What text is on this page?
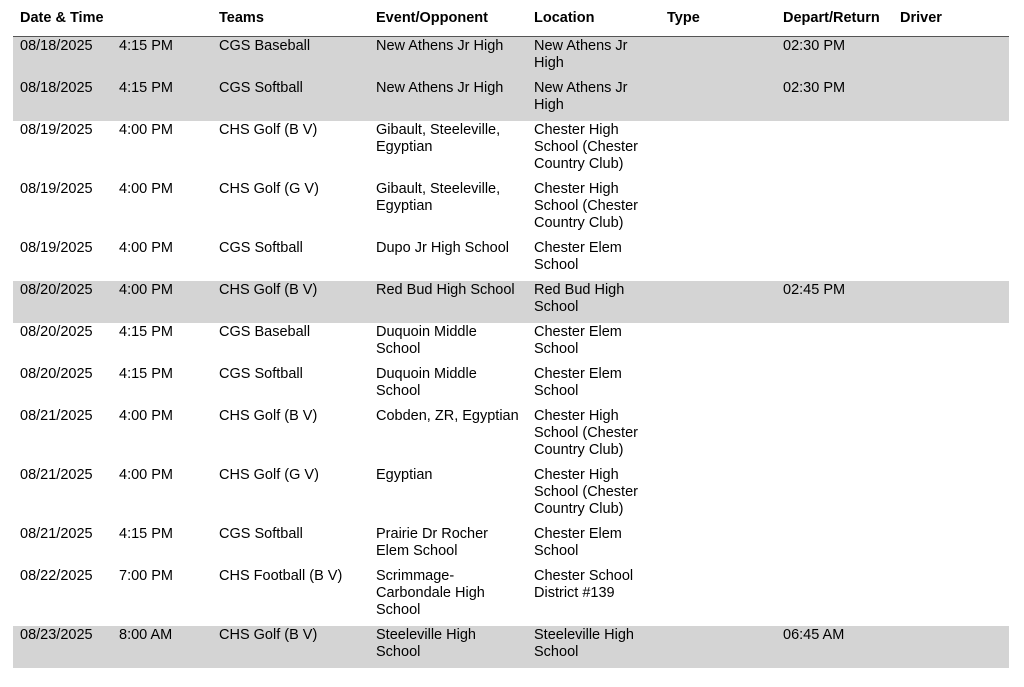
Date & Time		Teams	Event/Opponent	Location	Type	Depart/Return	Driver
08/18/2025	4:15 PM	CGS Baseball	New Athens Jr High	New Athens Jr High		02:30 PM	
08/18/2025	4:15 PM	CGS Softball	New Athens Jr High	New Athens Jr High		02:30 PM	
08/19/2025	4:00 PM	CHS Golf (B V)	Gibault, Steeleville, Egyptian	Chester High School (Chester Country Club)			
08/19/2025	4:00 PM	CHS Golf (G V)	Gibault, Steeleville, Egyptian	Chester High School (Chester Country Club)			
08/19/2025	4:00 PM	CGS Softball	Dupo Jr High School	Chester Elem School			
08/20/2025	4:00 PM	CHS Golf (B V)	Red Bud High School	Red Bud High School		02:45 PM	
08/20/2025	4:15 PM	CGS Baseball	Duquoin Middle School	Chester Elem School			
08/20/2025	4:15 PM	CGS Softball	Duquoin Middle School	Chester Elem School			
08/21/2025	4:00 PM	CHS Golf (B V)	Cobden, ZR, Egyptian	Chester High School (Chester Country Club)			
08/21/2025	4:00 PM	CHS Golf (G V)	Egyptian	Chester High School (Chester Country Club)			
08/21/2025	4:15 PM	CGS Softball	Prairie Dr Rocher Elem School	Chester Elem School			
08/22/2025	7:00 PM	CHS Football (B V)	Scrimmage-Carbondale High School	Chester School District #139			
08/23/2025	8:00 AM	CHS Golf (B V)	Steeleville High School	Steeleville High School		06:45 AM	
